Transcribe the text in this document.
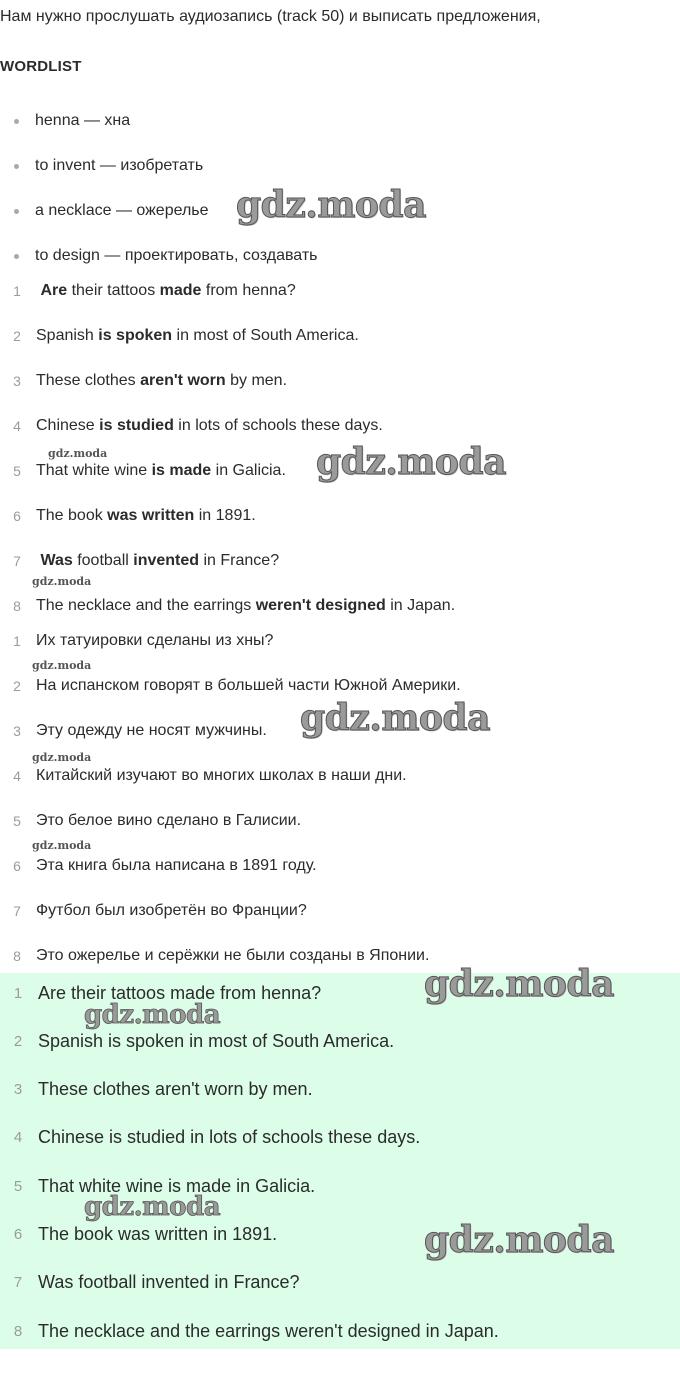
Нам нужно прослушать аудиозапись (track 50) и выписать предложения,
WORDLIST
henna — хна
to invent — изобретать
a necklace — ожерелье
to design — проектировать, создавать
1	Are their tattoos made from henna?
2 Spanish is spoken in most of South America.
3 These clothes aren't worn by men.
4 Chinese is studied in lots of schools these days.
5 That white wine is made in Galicia.
6 The book was written in 1891.
7	Was football invented in France?
8 The necklace and the earrings weren't designed in Japan.
1 Их татуировки сделаны из хны?
2 На испанском говорят в большей части Южной Америки.
3 Эту одежду не носят мужчины.
4 Китайский изучают во многих школах в наши дни.
5 Это белое вино сделано в Галисии.
6 Эта книга была написана в 1891 году.
7 Футбол был изобретён во Франции?
8 Это ожерелье и серёжки не были созданы в Японии.
1 Are their tattoos made from henna?
2 Spanish is spoken in most of South America.
3 These clothes aren't worn by men.
4 Chinese is studied in lots of schools these days.
5 That white wine is made in Galicia.
6 The book was written in 1891.
7 Was football invented in France?
8 The necklace and the earrings weren't designed in Japan.
gdz.moda
gdz.moda	gdz.moda
gdz.moda
gdz.moda
gdz.moda
gdz.moda
gdz.moda
gdz.moda
gdz.moda
gdz.moda
gdz.moda
